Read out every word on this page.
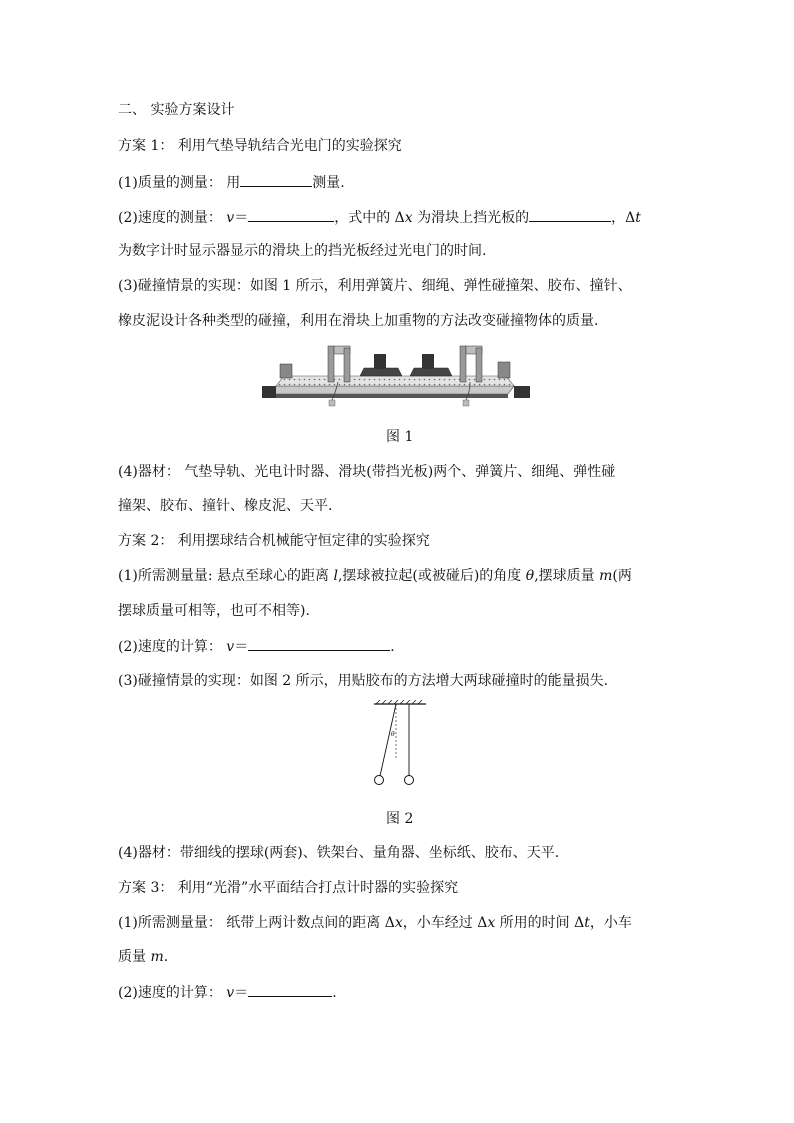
二、 实验方案设计
方案 1： 利用气垫导轨结合光电门的实验探究
(1)质量的测量： 用	测量.
(2)速度的测量： v＝	，式中的 Δx 为滑块上挡光板的	，Δt
为数字计时显示器显示的滑块上的挡光板经过光电门的时间.
(3)碰撞情景的实现：如图 1 所示，利用弹簧片、细绳、弹性碰撞架、胶布、撞针、
橡皮泥设计各种类型的碰撞，利用在滑块上加重物的方法改变碰撞物体的质量.
图 1
(4)器材： 气垫导轨、光电计时器、滑块(带挡光板)两个、弹簧片、细绳、弹性碰
撞架、胶布、撞针、橡皮泥、天平.
方案 2： 利用摆球结合机械能守恒定律的实验探究
(1)所需测量量: 悬点至球心的距离 l,摆球被拉起(或被碰后)的角度 θ,摆球质量 m(两
摆球质量可相等，也可不相等).
(2)速度的计算： v＝	.
(3)碰撞情景的实现：如图 2 所示，用贴胶布的方法增大两球碰撞时的能量损失.
θ
图 2
(4)器材：带细线的摆球(两套)、铁架台、量角器、坐标纸、胶布、天平.
方案 3： 利用“光滑”水平面结合打点计时器的实验探究
(1)所需测量量： 纸带上两计数点间的距离 Δx，小车经过 Δx 所用的时间 Δt，小车
质量 m.
(2)速度的计算： v＝	.
